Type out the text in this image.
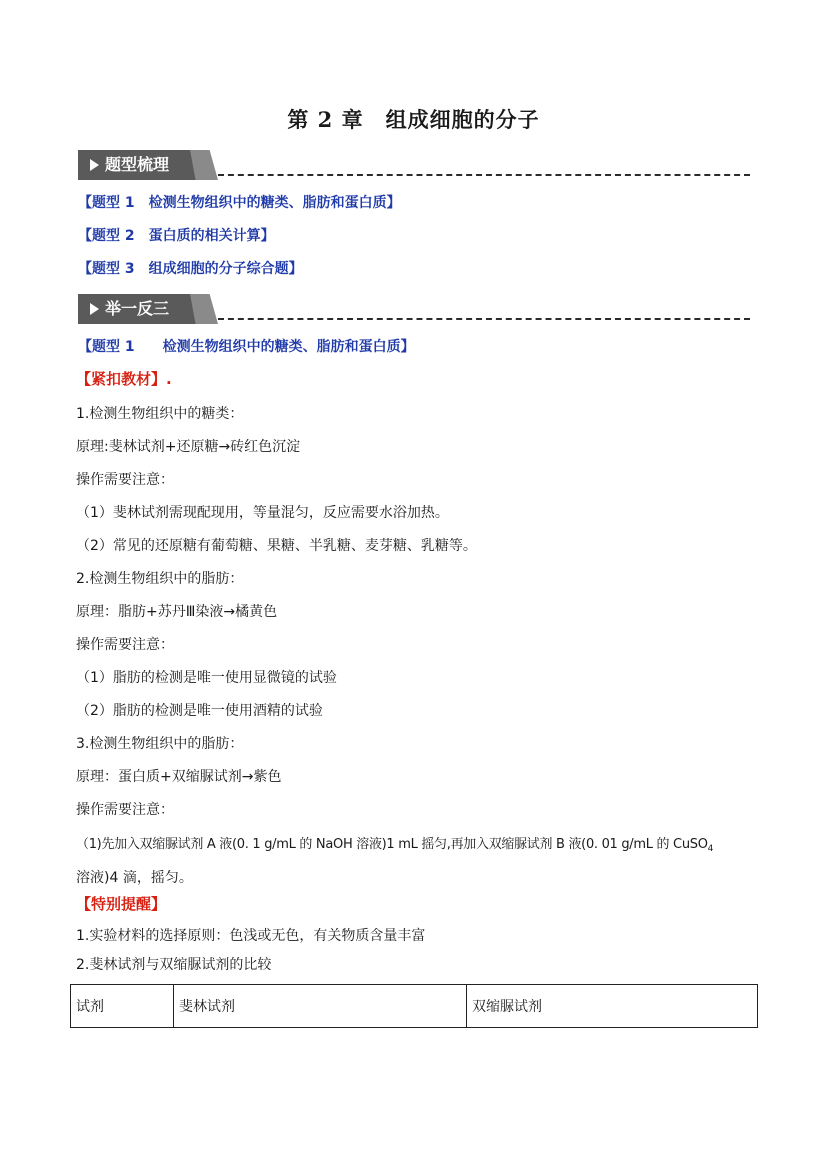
第 2 章　组成细胞的分子
题型梳理
【题型 1　检测生物组织中的糖类、脂肪和蛋白质】
【题型 2　蛋白质的相关计算】
【题型 3　组成细胞的分子综合题】
举一反三
【题型 1　　检测生物组织中的糖类、脂肪和蛋白质】
【紧扣教材】.
1.检测生物组织中的糖类：
原理:斐林试剂+还原糖→砖红色沉淀
操作需要注意：
（1）斐林试剂需现配现用，等量混匀，反应需要水浴加热。
（2）常见的还原糖有葡萄糖、果糖、半乳糖、麦芽糖、乳糖等。
2.检测生物组织中的脂肪：
原理：脂肪+苏丹Ⅲ染液→橘黄色
操作需要注意：
（1）脂肪的检测是唯一使用显微镜的试验
（2）脂肪的检测是唯一使用酒精的试验
3.检测生物组织中的脂肪：
原理：蛋白质+双缩脲试剂→紫色
操作需要注意：
（1)先加入双缩脲试剂 A 液(0. 1 g/mL 的 NaOH 溶液)1 mL 摇匀,再加入双缩脲试剂 B 液(0. 01 g/mL 的 CuSO$_4$
溶液)4 滴，摇匀。
【特别提醒】
1.实验材料的选择原则：色浅或无色，有关物质含量丰富
2.斐林试剂与双缩脲试剂的比较
试剂	斐林试剂	双缩脲试剂
